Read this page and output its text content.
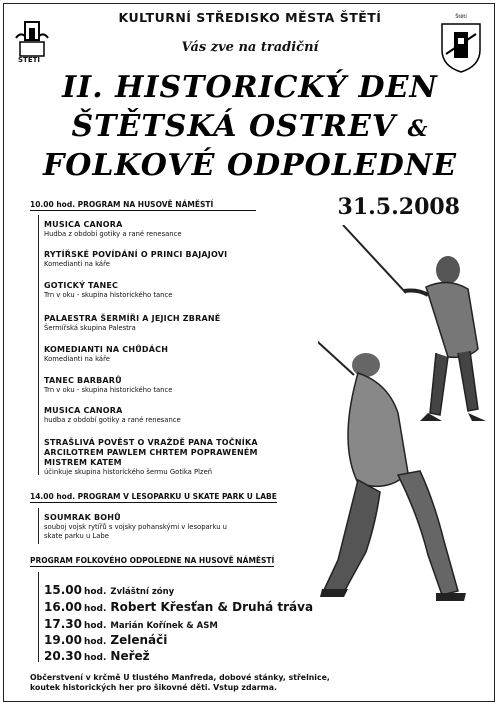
ŠTĚTÍ
Štětí
KULTURNÍ STŘEDISKO MĚSTA ŠTĚTÍ
Vás zve na tradiční
II. HISTORICKÝ DEN
ŠTĚTSKÁ OSTREV &
FOLKOVÉ ODPOLEDNE
31.5.2008
10.00 hod. PROGRAM NA HUSOVĚ NÁMĚSTÍ
MUSICA CANORA
Hudba z období gotiky a rané renesance
RYTÍŘSKÉ POVÍDÁNÍ O PRINCI BAJAJOVI
Komedianti na káře
GOTICKÝ TANEC
Trn v oku - skupina historického tance
PALAESTRA ŠERMÍŘI A JEJICH ZBRANĚ
Šermířská skupina Palestra
KOMEDIANTI NA CHŮDÁCH
Komedianti na káře
TANEC BARBARŮ
Trn v oku - skupina historického tance
MUSICA CANORA
hudba z období gotiky a rané renesance
STRAŠLIVÁ POVĚST O VRAŽDĚ PANA TOČNÍKA ARCILOTREM PAWLEM CHRTEM POPRAWENÉM MISTREM KATEM
účinkuje skupina historického šermu Gotika Plzeň
14.00 hod. PROGRAM V LESOPARKU U SKATE PARK U LABE
SOUMRAK BOHŮ
souboj vojsk rytířů s vojsky pohanskými v lesoparku u skate parku u Labe
PROGRAM FOLKOVÉHO ODPOLEDNE NA HUSOVĚ NÁMĚSTÍ
15.00 hod. Zvláštní zóny
16.00 hod. Robert Křesťan & Druhá tráva
17.30 hod. Marián Kořínek & ASM
19.00 hod. Zelenáči
20.30 hod. Neřež
Občerstvení v krčmě U tlustého Manfreda, dobové stánky, střelnice,
koutek historických her pro šikovné děti. Vstup zdarma.
